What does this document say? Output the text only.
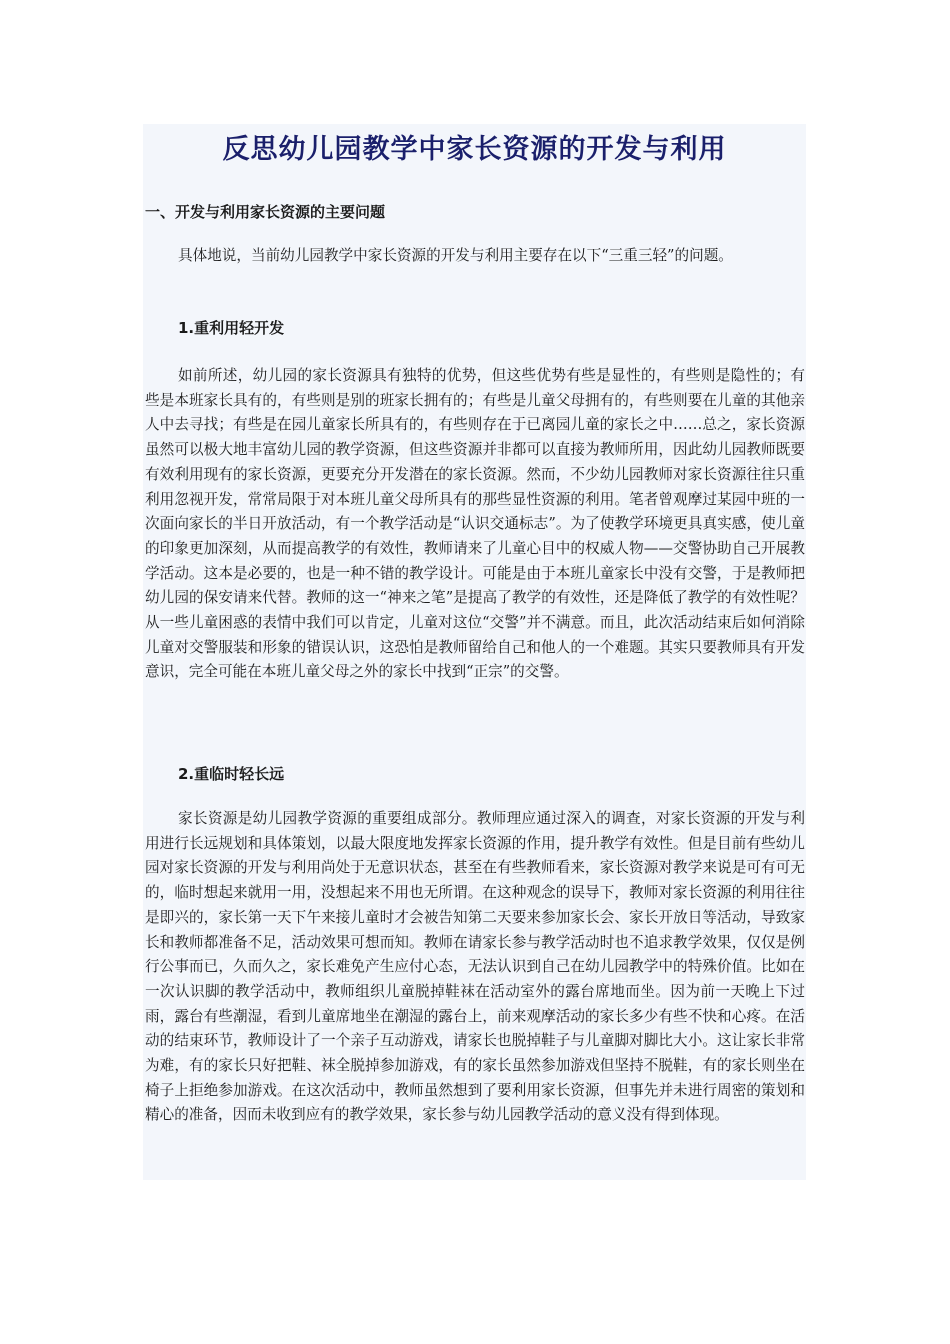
反思幼儿园教学中家长资源的开发与利用

一、开发与利用家长资源的主要问题

具体地说，当前幼儿园教学中家长资源的开发与利用主要存在以下“三重三轻”的问题。

1.重利用轻开发

如前所述，幼儿园的家长资源具有独特的优势，但这些优势有些是显性的，有些则是隐性的；有些是本班家长具有的，有些则是别的班家长拥有的；有些是儿童父母拥有的，有些则要在儿童的其他亲人中去寻找；有些是在园儿童家长所具有的，有些则存在于已离园儿童的家长之中……总之，家长资源虽然可以极大地丰富幼儿园的教学资源，但这些资源并非都可以直接为教师所用，因此幼儿园教师既要有效利用现有的家长资源，更要充分开发潜在的家长资源。然而，不少幼儿园教师对家长资源往往只重利用忽视开发，常常局限于对本班儿童父母所具有的那些显性资源的利用。笔者曾观摩过某园中班的一次面向家长的半日开放活动，有一个教学活动是“认识交通标志”。为了使教学环境更具真实感，使儿童的印象更加深刻，从而提高教学的有效性，教师请来了儿童心目中的权威人物——交警协助自己开展教学活动。这本是必要的，也是一种不错的教学设计。可能是由于本班儿童家长中没有交警，于是教师把幼儿园的保安请来代替。教师的这一“神来之笔”是提高了教学的有效性，还是降低了教学的有效性呢？从一些儿童困惑的表情中我们可以肯定，儿童对这位“交警”并不满意。而且，此次活动结束后如何消除儿童对交警服装和形象的错误认识，这恐怕是教师留给自己和他人的一个难题。其实只要教师具有开发意识，完全可能在本班儿童父母之外的家长中找到“正宗”的交警。

2.重临时轻长远

家长资源是幼儿园教学资源的重要组成部分。教师理应通过深入的调查，对家长资源的开发与利用进行长远规划和具体策划，以最大限度地发挥家长资源的作用，提升教学有效性。但是目前有些幼儿园对家长资源的开发与利用尚处于无意识状态，甚至在有些教师看来，家长资源对教学来说是可有可无的，临时想起来就用一用，没想起来不用也无所谓。在这种观念的误导下，教师对家长资源的利用往往是即兴的，家长第一天下午来接儿童时才会被告知第二天要来参加家长会、家长开放日等活动，导致家长和教师都准备不足，活动效果可想而知。教师在请家长参与教学活动时也不追求教学效果，仅仅是例行公事而已，久而久之，家长难免产生应付心态，无法认识到自己在幼儿园教学中的特殊价值。比如在一次认识脚的教学活动中，教师组织儿童脱掉鞋袜在活动室外的露台席地而坐。因为前一天晚上下过雨，露台有些潮湿，看到儿童席地坐在潮湿的露台上，前来观摩活动的家长多少有些不快和心疼。在活动的结束环节，教师设计了一个亲子互动游戏，请家长也脱掉鞋子与儿童脚对脚比大小。这让家长非常为难，有的家长只好把鞋、袜全脱掉参加游戏，有的家长虽然参加游戏但坚持不脱鞋，有的家长则坐在椅子上拒绝参加游戏。在这次活动中，教师虽然想到了要利用家长资源，但事先并未进行周密的策划和精心的准备，因而未收到应有的教学效果，家长参与幼儿园教学活动的意义没有得到体现。
